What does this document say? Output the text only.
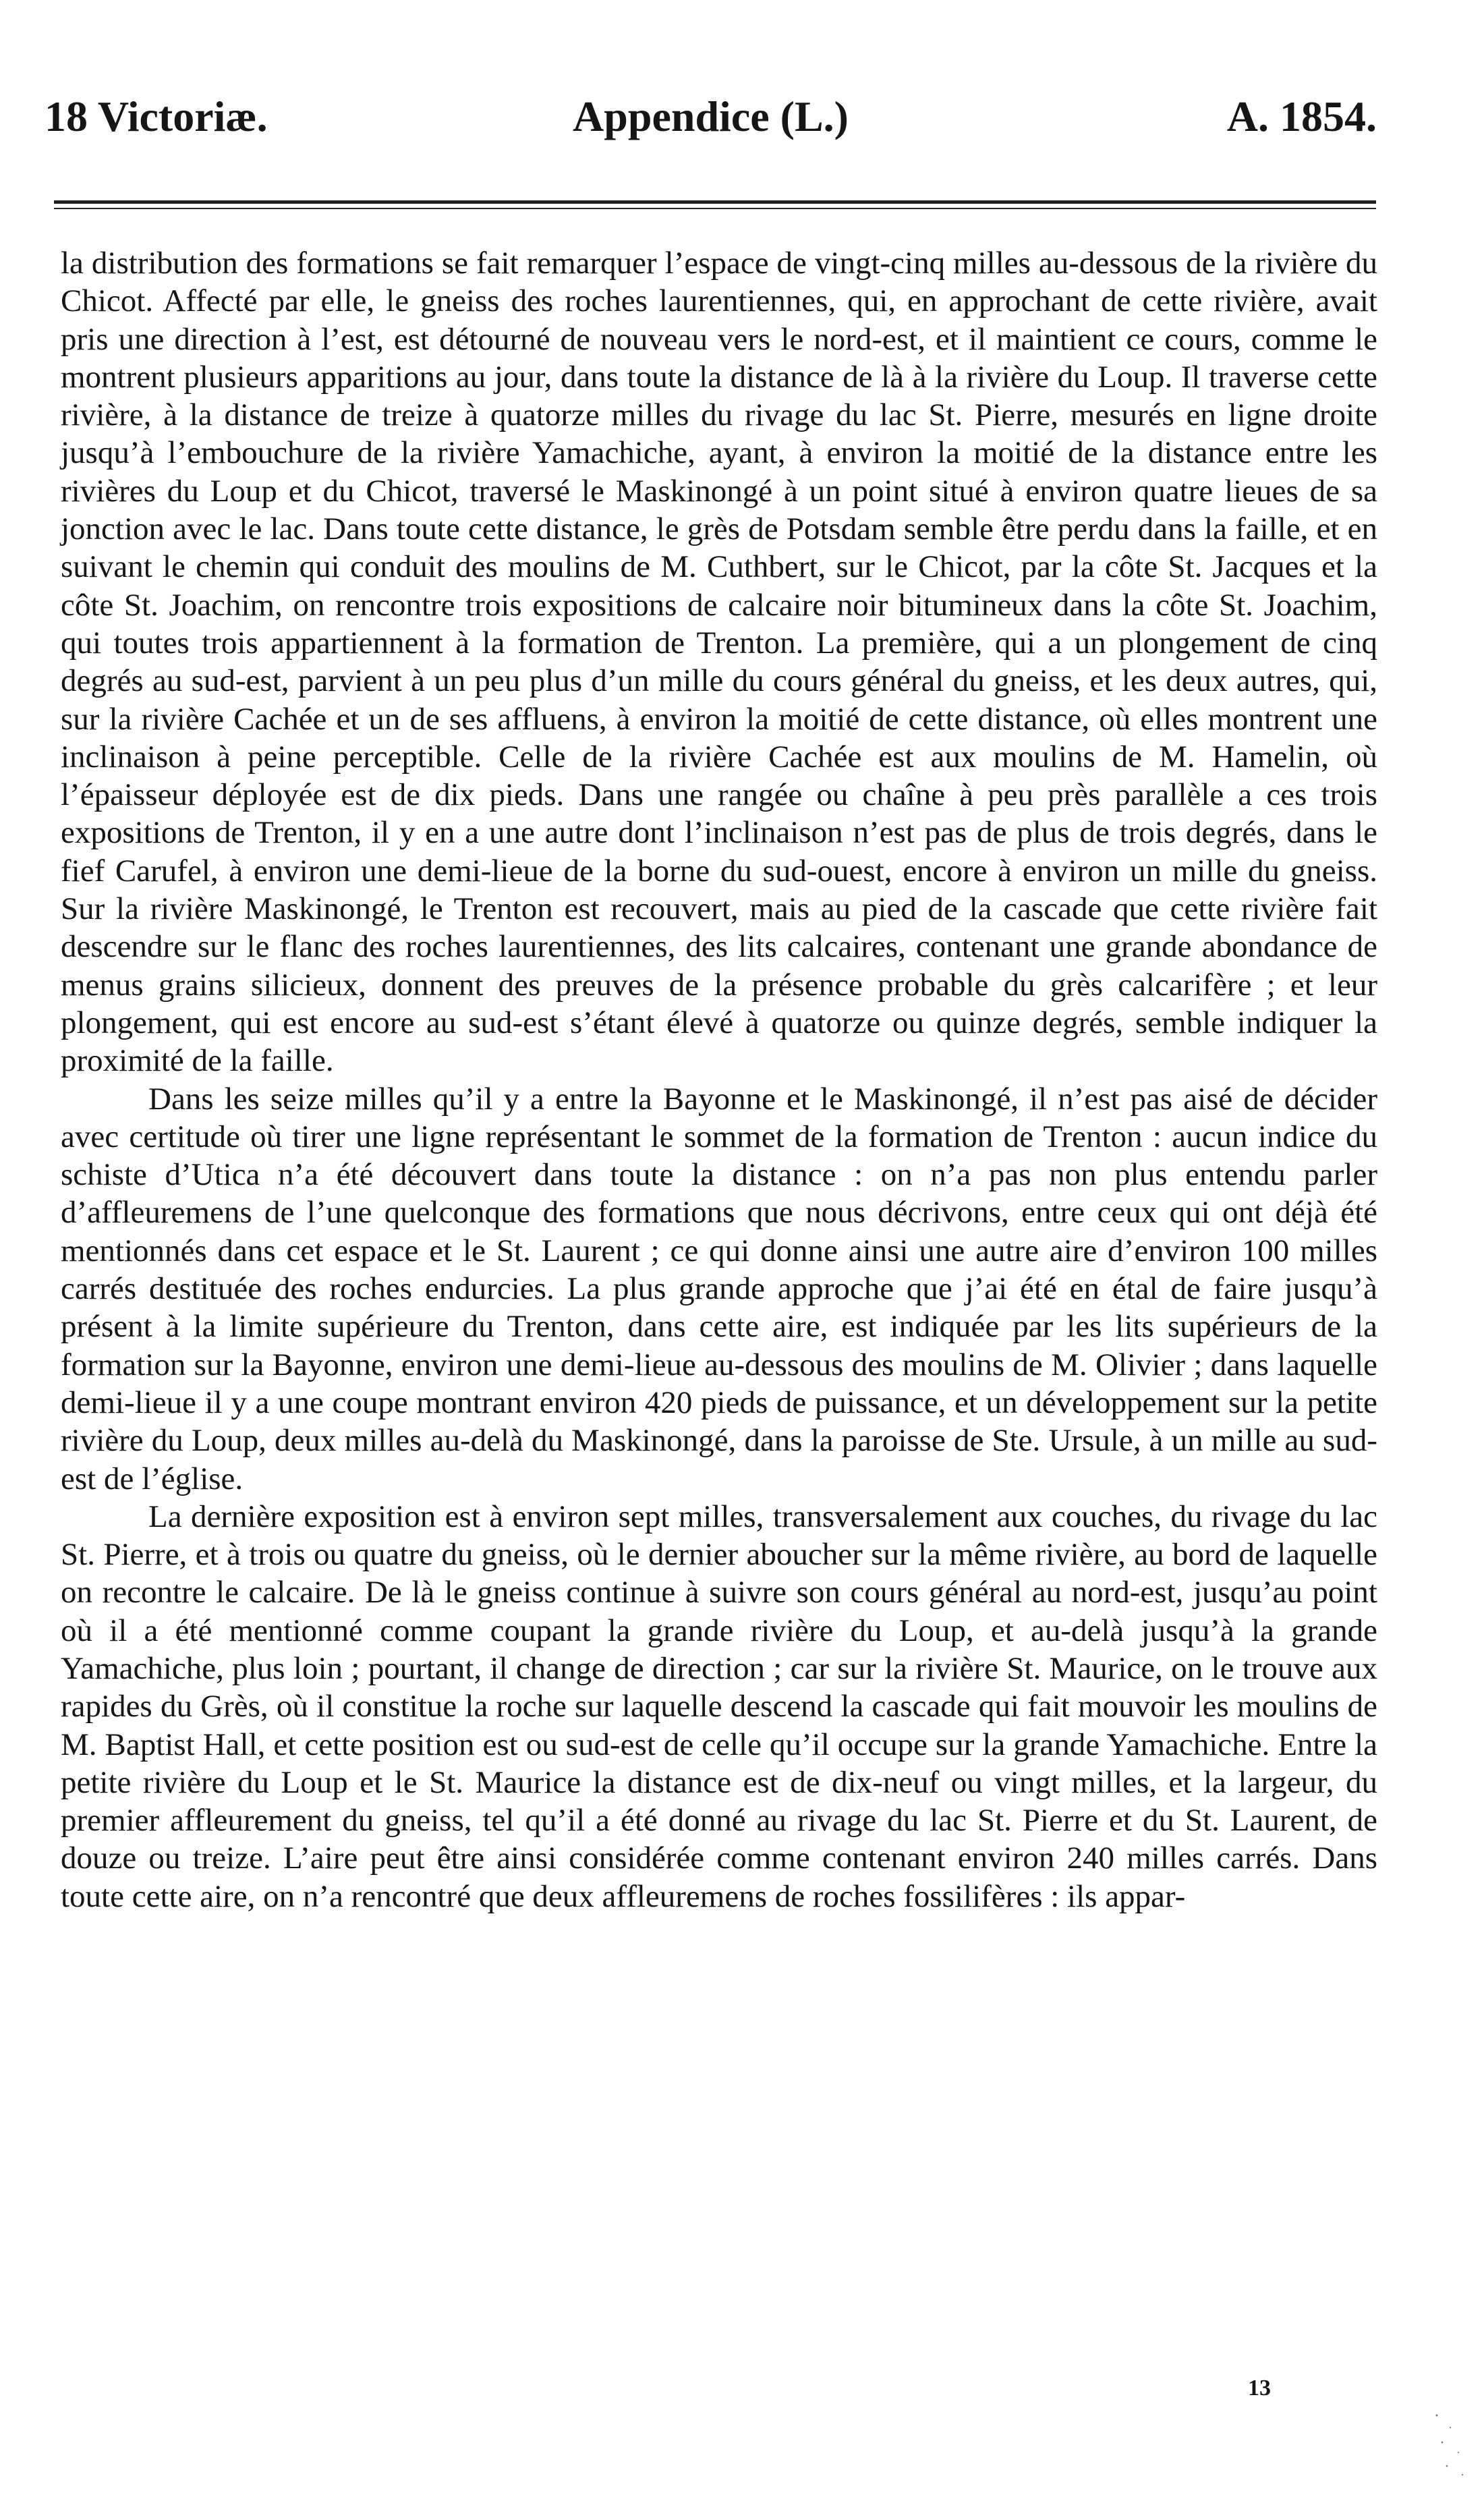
18 Victoriæ.	Appendice (L.)	A. 1854.

la distribution des formations se fait remarquer l’espace de vingt-cinq milles au-dessous de la rivière du Chicot. Affecté par elle, le gneiss des roches laurentiennes, qui, en approchant de cette rivière, avait pris une direction à l’est, est détourné de nouveau vers le nord-est, et il maintient ce cours, comme le montrent plusieurs apparitions au jour, dans toute la distance de là à la rivière du Loup. Il traverse cette rivière, à la distance de treize à quatorze milles du rivage du lac St. Pierre, mesurés en ligne droite jusqu’à l’embouchure de la rivière Yamachiche, ayant, à environ la moitié de la distance entre les rivières du Loup et du Chicot, traversé le Maskinongé à un point situé à environ quatre lieues de sa jonction avec le lac. Dans toute cette distance, le grès de Potsdam semble être perdu dans la faille, et en suivant le chemin qui conduit des moulins de M. Cuthbert, sur le Chicot, par la côte St. Jacques et la côte St. Joachim, on rencontre trois expositions de calcaire noir bitumineux dans la côte St. Joachim, qui toutes trois appartiennent à la formation de Trenton. La première, qui a un plongement de cinq degrés au sud-est, parvient à un peu plus d’un mille du cours général du gneiss, et les deux autres, qui, sur la rivière Cachée et un de ses affluens, à environ la moitié de cette distance, où elles montrent une inclinaison à peine perceptible. Celle de la rivière Cachée est aux moulins de M. Hamelin, où l’épaisseur déployée est de dix pieds. Dans une rangée ou chaîne à peu près parallèle a ces trois expositions de Trenton, il y en a une autre dont l’inclinaison n’est pas de plus de trois degrés, dans le fief Carufel, à environ une demi-lieue de la borne du sud-ouest, encore à environ un mille du gneiss. Sur la rivière Maskinongé, le Trenton est recouvert, mais au pied de la cascade que cette rivière fait descendre sur le flanc des roches laurentiennes, des lits calcaires, contenant une grande abondance de menus grains silicieux, donnent des preuves de la présence probable du grès calcarifère ; et leur plongement, qui est encore au sud-est s’étant élevé à quatorze ou quinze degrés, semble indiquer la proximité de la faille.

Dans les seize milles qu’il y a entre la Bayonne et le Maskinongé, il n’est pas aisé de décider avec certitude où tirer une ligne représentant le sommet de la formation de Trenton : aucun indice du schiste d’Utica n’a été découvert dans toute la distance : on n’a pas non plus entendu parler d’affleuremens de l’une quelconque des formations que nous décrivons, entre ceux qui ont déjà été mentionnés dans cet espace et le St. Laurent ; ce qui donne ainsi une autre aire d’environ 100 milles carrés destituée des roches endurcies. La plus grande approche que j’ai été en étal de faire jusqu’à présent à la limite supérieure du Trenton, dans cette aire, est indiquée par les lits supérieurs de la formation sur la Bayonne, environ une demi-lieue au-dessous des moulins de M. Olivier ; dans laquelle demi-lieue il y a une coupe montrant environ 420 pieds de puissance, et un développement sur la petite rivière du Loup, deux milles au-delà du Maskinongé, dans la paroisse de Ste. Ursule, à un mille au sud-est de l’église.

La dernière exposition est à environ sept milles, transversalement aux couches, du rivage du lac St. Pierre, et à trois ou quatre du gneiss, où le dernier aboucher sur la même rivière, au bord de laquelle on recontre le calcaire. De là le gneiss continue à suivre son cours général au nord-est, jusqu’au point où il a été mentionné comme coupant la grande rivière du Loup, et au-delà jusqu’à la grande Yamachiche, plus loin ; pourtant, il change de direction ; car sur la rivière St. Maurice, on le trouve aux rapides du Grès, où il constitue la roche sur laquelle descend la cascade qui fait mouvoir les moulins de M. Baptist Hall, et cette position est ou sud-est de celle qu’il occupe sur la grande Yamachiche. Entre la petite rivière du Loup et le St. Maurice la distance est de dix-neuf ou vingt milles, et la largeur, du premier affleurement du gneiss, tel qu’il a été donné au rivage du lac St. Pierre et du St. Laurent, de douze ou treize. L’aire peut être ainsi considérée comme contenant environ 240 milles carrés. Dans toute cette aire, on n’a rencontré que deux affleuremens de roches fossilifères : ils appar-

13
